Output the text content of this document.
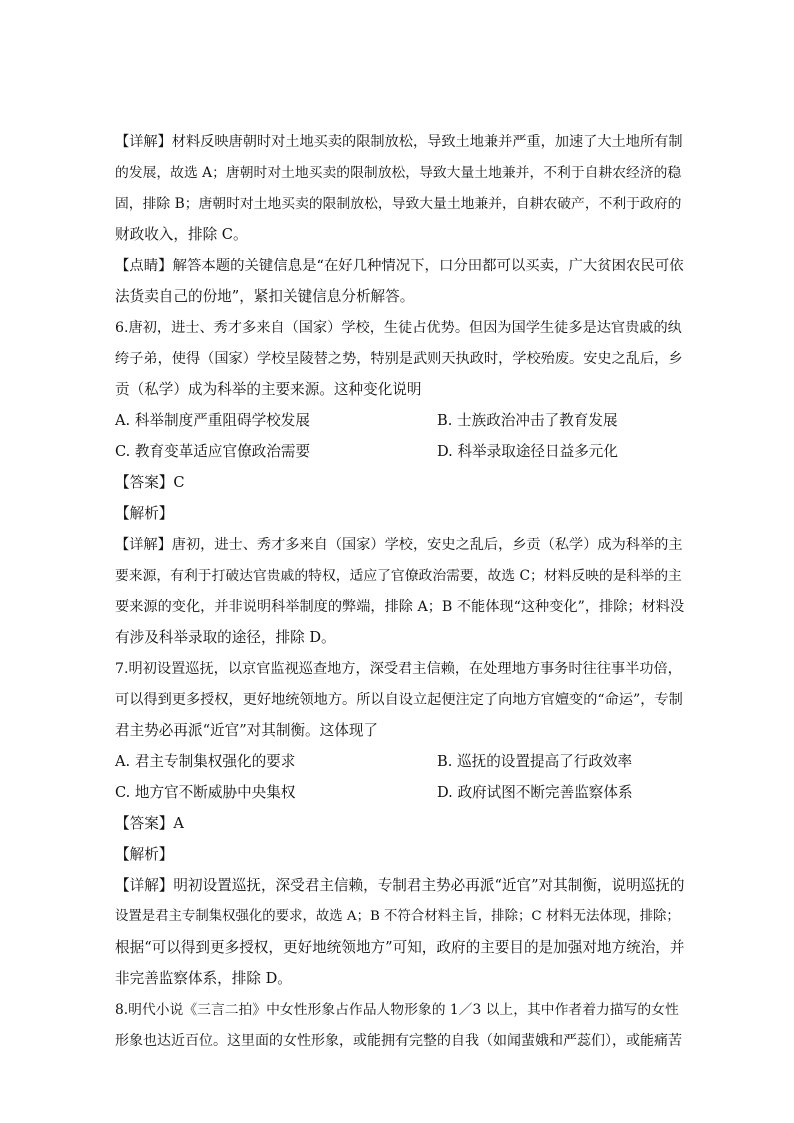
【详解】材料反映唐朝时对土地买卖的限制放松，导致土地兼并严重，加速了大土地所有制
的发展，故选 A；唐朝时对土地买卖的限制放松，导致大量土地兼并，不利于自耕农经济的稳
固，排除 B；唐朝时对土地买卖的限制放松，导致大量土地兼并，自耕农破产，不利于政府的
财政收入，排除 C。
【点睛】解答本题的关键信息是“在好几种情况下，口分田都可以买卖，广大贫困农民可依
法货卖自己的份地”，紧扣关键信息分析解答。
6.唐初，进士、秀才多来自（国家）学校，生徒占优势。但因为国学生徒多是达官贵戚的纨
绔子弟，使得（国家）学校呈陵替之势，特别是武则天执政时，学校殆废。安史之乱后，乡
贡（私学）成为科举的主要来源。这种变化说明
A. 科举制度严重阻碍学校发展	B. 士族政治冲击了教育发展
C. 教育变革适应官僚政治需要	D. 科举录取途径日益多元化
【答案】C
【解析】
【详解】唐初，进士、秀才多来自（国家）学校，安史之乱后，乡贡（私学）成为科举的主
要来源，有利于打破达官贵戚的特权，适应了官僚政治需要，故选 C；材料反映的是科举的主
要来源的变化，并非说明科举制度的弊端，排除 A；B 不能体现“这种变化”，排除；材料没
有涉及科举录取的途径，排除 D。
7.明初设置巡抚，以京官监视巡查地方，深受君主信赖，在处理地方事务时往往事半功倍，
可以得到更多授权，更好地统领地方。所以自设立起便注定了向地方官嬗变的“命运”，专制
君主势必再派“近官”对其制衡。这体现了
A. 君主专制集权强化的要求	B. 巡抚的设置提高了行政效率
C. 地方官不断威胁中央集权	D. 政府试图不断完善监察体系
【答案】A
【解析】
【详解】明初设置巡抚，深受君主信赖，专制君主势必再派“近官”对其制衡，说明巡抚的
设置是君主专制集权强化的要求，故选 A；B 不符合材料主旨，排除；C 材料无法体现，排除；
根据“可以得到更多授权，更好地统领地方”可知，政府的主要目的是加强对地方统治，并
非完善监察体系，排除 D。
8.明代小说《三言二拍》中女性形象占作品人物形象的 1／3 以上，其中作者着力描写的女性
形象也达近百位。这里面的女性形象，或能拥有完整的自我（如闻蜚娥和严蕊们），或能痛苦
